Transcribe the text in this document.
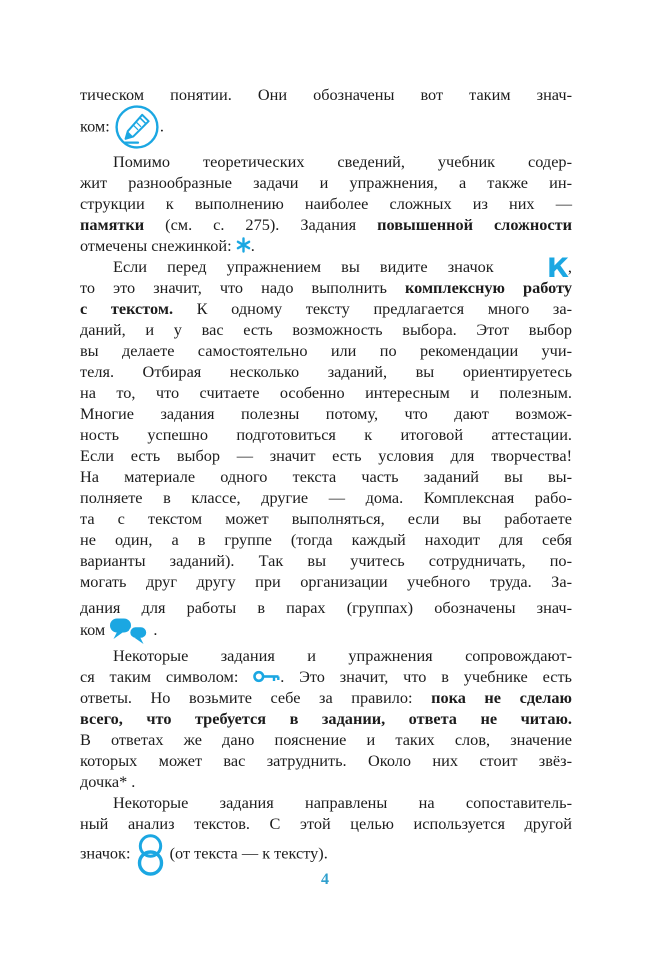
тическом понятии. Они обозначены вот таким знач-
ком:	.
Помимо теоретических сведений, учебник содер-
жит разнообразные задачи и упражнения, а также ин-
струкции к выполнению наиболее сложных из них —
памятки (см. с. 275). Задания повышенной сложности
отмечены снежинкой: .
Если перед упражнением вы видите значок К,
то это значит, что надо выполнить комплексную работу
с текстом. К одному тексту предлагается много за-
даний, и у вас есть возможность выбора. Этот выбор
вы делаете самостоятельно или по рекомендации учи-
теля. Отбирая несколько заданий, вы ориентируетесь
на то, что считаете особенно интересным и полезным.
Многие задания полезны потому, что дают возмож-
ность успешно подготовиться к итоговой аттестации.
Если есть выбор — значит есть условия для творчества!
На материале одного текста часть заданий вы вы-
полняете в классе, другие — дома. Комплексная рабо-
та с текстом может выполняться, если вы работаете
не один, а в группе (тогда каждый находит для себя
варианты заданий). Так вы учитесь сотрудничать, по-
могать друг другу при организации учебного труда. За-
дания для работы в парах (группах) обозначены знач-
ком  .
Некоторые задания и упражнения сопровождают-
ся таким символом: . Это значит, что в учебнике есть
ответы. Но возьмите себе за правило: пока не сделаю
всего, что требуется в задании, ответа не читаю.
В ответах же дано пояснение и таких слов, значение
которых может вас затруднить. Около них стоит звёз-
дочка* .
Некоторые задания направлены на сопоставитель-
ный анализ текстов. С этой целью используется другой
значок:  (от текста — к тексту).
4
